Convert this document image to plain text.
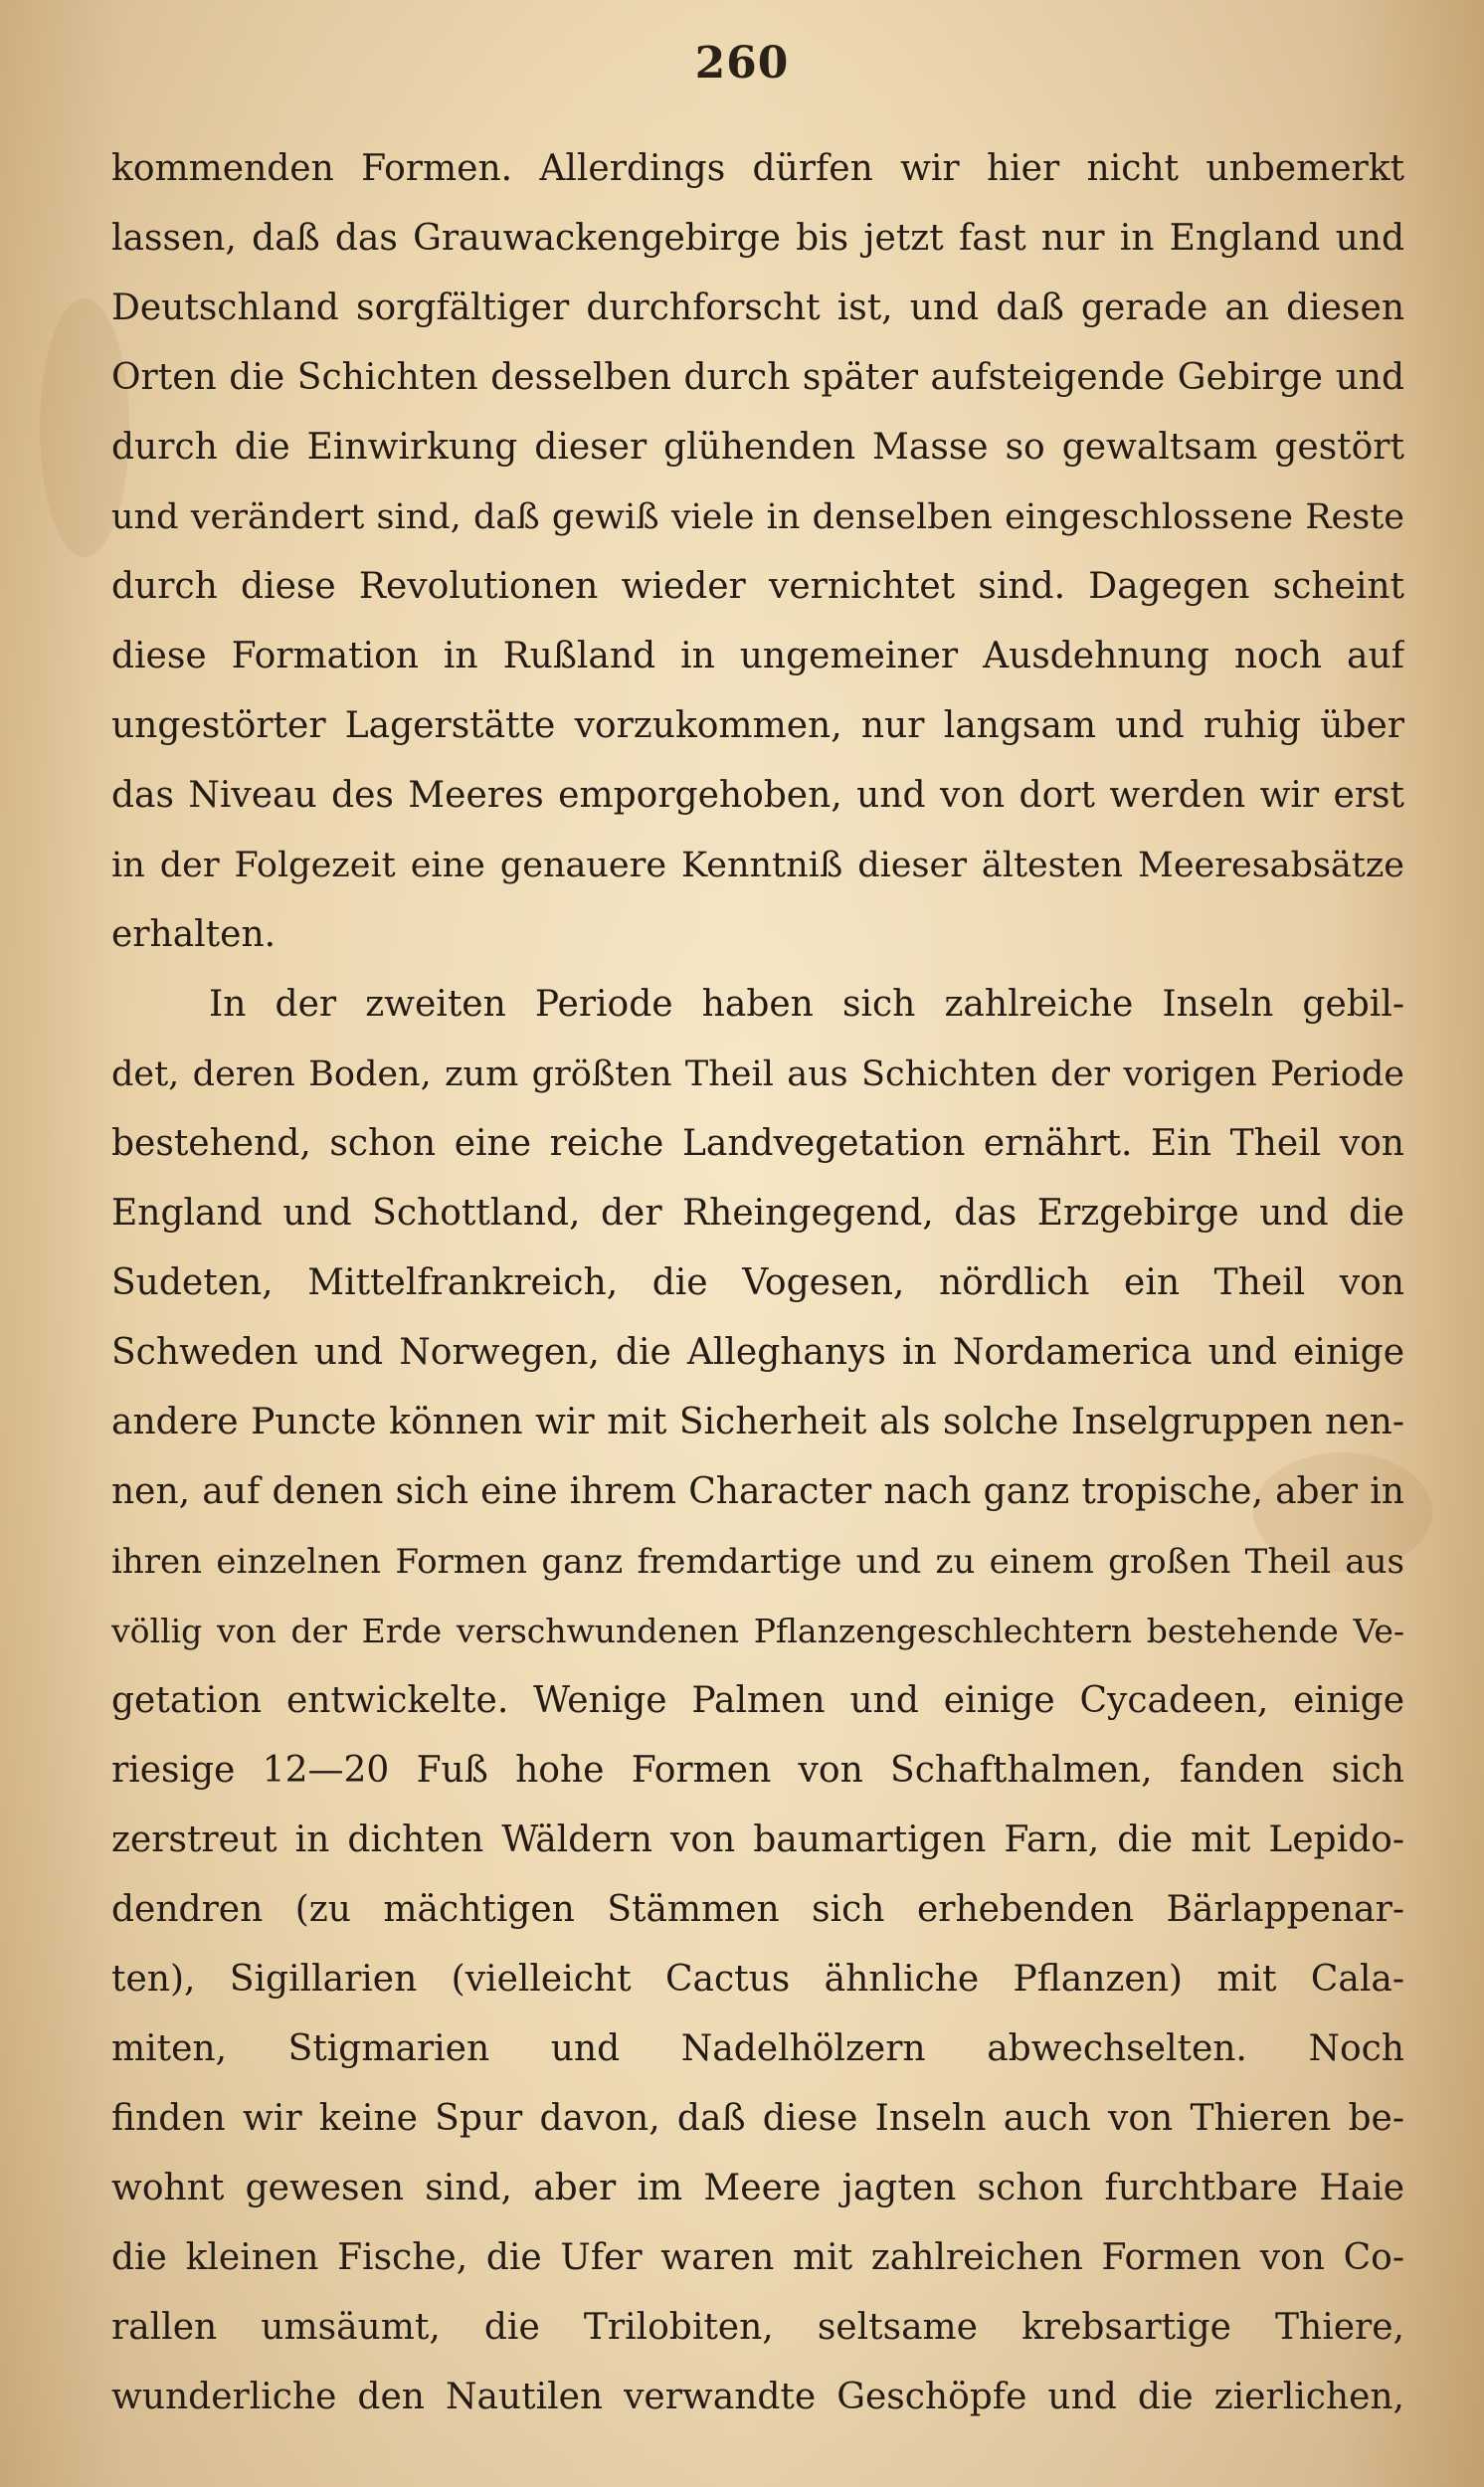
260
kommenden Formen. Allerdings dürfen wir hier nicht unbemerkt
lassen, daß das Grauwackengebirge bis jetzt fast nur in England und
Deutschland sorgfältiger durchforscht ist, und daß gerade an diesen
Orten die Schichten desselben durch später aufsteigende Gebirge und
durch die Einwirkung dieser glühenden Masse so gewaltsam gestört
und verändert sind, daß gewiß viele in denselben eingeschlossene Reste
durch diese Revolutionen wieder vernichtet sind. Dagegen scheint
diese Formation in Rußland in ungemeiner Ausdehnung noch auf
ungestörter Lagerstätte vorzukommen, nur langsam und ruhig über
das Niveau des Meeres emporgehoben, und von dort werden wir erst
in der Folgezeit eine genauere Kenntniß dieser ältesten Meeresabsätze
erhalten.
In der zweiten Periode haben sich zahlreiche Inseln gebil-
det, deren Boden, zum größten Theil aus Schichten der vorigen Periode
bestehend, schon eine reiche Landvegetation ernährt. Ein Theil von
England und Schottland, der Rheingegend, das Erzgebirge und die
Sudeten, Mittelfrankreich, die Vogesen, nördlich ein Theil von
Schweden und Norwegen, die Alleghanys in Nordamerica und einige
andere Puncte können wir mit Sicherheit als solche Inselgruppen nen-
nen, auf denen sich eine ihrem Character nach ganz tropische, aber in
ihren einzelnen Formen ganz fremdartige und zu einem großen Theil aus
völlig von der Erde verschwundenen Pflanzengeschlechtern bestehende Ve-
getation entwickelte. Wenige Palmen und einige Cycadeen, einige
riesige 12—20 Fuß hohe Formen von Schafthalmen, fanden sich
zerstreut in dichten Wäldern von baumartigen Farn, die mit Lepido-
dendren (zu mächtigen Stämmen sich erhebenden Bärlappenar-
ten), Sigillarien (vielleicht Cactus ähnliche Pflanzen) mit Cala-
miten, Stigmarien und Nadelhölzern abwechselten. Noch
finden wir keine Spur davon, daß diese Inseln auch von Thieren be-
wohnt gewesen sind, aber im Meere jagten schon furchtbare Haie
die kleinen Fische, die Ufer waren mit zahlreichen Formen von Co-
rallen umsäumt, die Trilobiten, seltsame krebsartige Thiere,
wunderliche den Nautilen verwandte Geschöpfe und die zierlichen,
